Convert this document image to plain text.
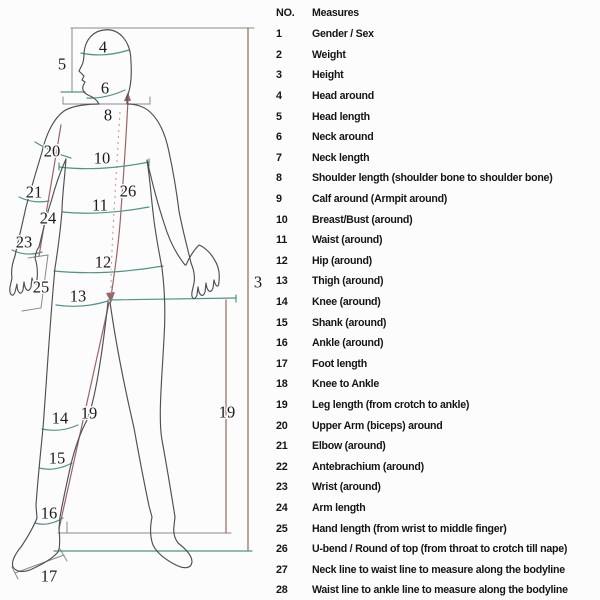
4
5
6
8
10
26
11
12
13
3
20
21
24
23
25
14 19
15
16
19
17
NO.	Measures
1	Gender / Sex
2	Weight
3	Height
4	Head around
5	Head length
6	Neck around
7	Neck length
8	Shoulder length (shoulder bone to shoulder bone)
9	Calf around (Armpit around)
10	Breast/Bust (around)
11	Waist (around)
12	Hip (around)
13	Thigh (around)
14	Knee (around)
15	Shank (around)
16	Ankle (around)
17	Foot length
18	Knee to Ankle
19	Leg length (from crotch to ankle)
20	Upper Arm (biceps) around
21	Elbow (around)
22	Antebrachium (around)
23	Wrist (around)
24	Arm length
25	Hand length (from wrist to middle finger)
26	U-bend / Round of top (from throat to crotch till nape)
27	Neck line to waist line to measure along the bodyline
28	Waist line to ankle line to measure along the bodyline
